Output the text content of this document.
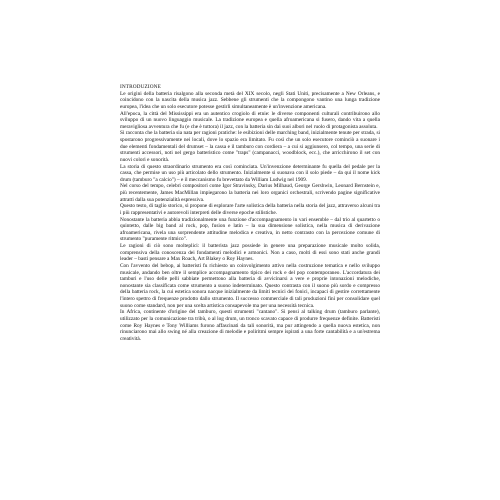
INTRODUZIONE

Le origini della batteria risalgono alla seconda metà del XIX secolo, negli Stati Uniti, precisamente a New Orleans, e coincidono con la nascita della musica jazz. Sebbene gli strumenti che la compongono vantino una lunga tradizione europea, l'idea che un solo esecutore potesse gestirli simultaneamente è un'invenzione americana.

All'epoca, la città del Mississippi era un autentico crogiolo di etnie: le diverse componenti culturali contribuirono allo sviluppo di un nuovo linguaggio musicale. La tradizione europea e quella afroamericana si fusero, dando vita a quella meravigliosa avventura che fu (e che è tuttora) il jazz, con la batteria sin dai suoi albori nel ruolo di protagonista assoluta.

Si racconta che la batteria sia nata per ragioni pratiche: le esibizioni delle marching band, inizialmente tenute per strada, si spostarono progressivamente nei locali, dove lo spazio era limitato. Fu così che un solo esecutore cominciò a suonare i due elementi fondamentali del drumset – la cassa e il tamburo con cordiera – a cui si aggiunsero, col tempo, una serie di strumenti accessori, noti nel gergo batteristico come "traps" (campanacci, woodblock, ecc.), che arricchirono il set con nuovi colori e sonorità.

La storia di questo straordinario strumento era così cominciata. Un'invenzione determinante fu quella del pedale per la cassa, che permise un uso più articolato dello strumento. Inizialmente si suonava con il solo piede – da qui il nome kick drum (tamburo "a calcio") – e il meccanismo fu brevettato da William Ludwig nel 1909.

Nel corso del tempo, celebri compositori come Igor Stravinsky, Darius Milhaud, George Gershwin, Leonard Bernstein e, più recentemente, James MacMillan impiegarono la batteria nei loro organici orchestrali, scrivendo pagine significative attratti dalla sua potenzialità espressiva.

Questo testo, di taglio storico, si propone di esplorare l'arte solistica della batteria nella storia del jazz, attraverso alcuni tra i più rappresentativi e autorevoli interpreti delle diverse epoche stilistiche.

Nonostante la batteria abbia tradizionalmente una funzione d'accompagnamento in vari ensemble – dal trio al quartetto o quintetto, dalle big band al rock, pop, fusion e latin – la sua dimensione solistica, nella musica di derivazione afroamericana, rivela una sorprendente attitudine melodica e creativa, in netto contrasto con la percezione comune di strumento "puramente ritmico".

Le ragioni di ciò sono molteplici: il batterista jazz possiede in genere una preparazione musicale molto solida, comprensiva della conoscenza dei fondamenti melodici e armonici. Non a caso, molti di essi sono stati anche grandi leader – basti pensare a Max Roach, Art Blakey o Roy Haynes.

Con l'avvento del bebop, ai batteristi fu richiesto un coinvolgimento attivo nella costruzione tematica e nello sviluppo musicale, andando ben oltre il semplice accompagnamento tipico dei rock e del pop contemporaneo. L'accordatura dei tamburi e l'uso delle pelli sabbiate permettono alla batteria di avvicinarsi a vere e proprie intonazioni melodiche, nonostante sia classificata come strumento a suono indeterminato. Questo contrasta con il suono più sordo e compresso della batteria rock, la cui estetica sonora nacque inizialmente da limiti tecnici dei fonici, incapaci di gestire correttamente l'intero spettro di frequenze prodotto dallo strumento. Il successo commerciale di tali produzioni finì per consolidare quel suono come standard, non per una scelta artistica consapevole ma per una necessità tecnica.

In Africa, continente d'origine del tamburo, questi strumenti "cantano". Si pensi al talking drum (tamburo parlante), utilizzato per la comunicazione tra tribù, o al log drum, un tronco scavato capace di produrre frequenze definite. Batteristi come Roy Haynes e Tony Williams furono affascinati da tali sonorità, ma pur attingendo a quella nuova estetica, non rinunciarono mai allo swing né alla creazione di melodie e poliritmi sempre ispirati a una forte cantabilità e a un'estrema creatività.
